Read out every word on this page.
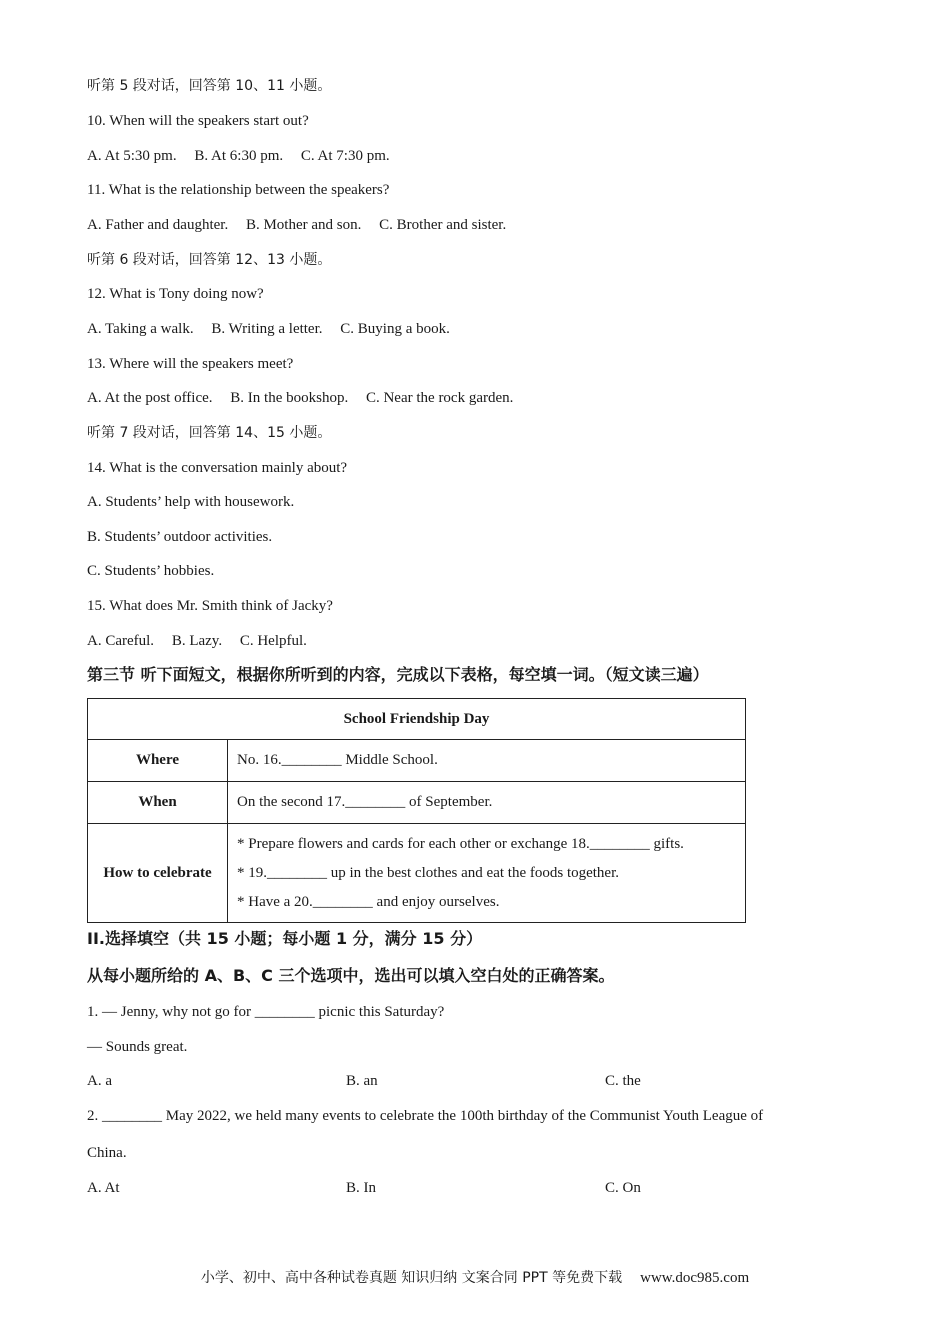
听第 5 段对话，回答第 10、11 小题。
10. When will the speakers start out?
A. At 5:30 pm. B. At 6:30 pm. C. At 7:30 pm.
11. What is the relationship between the speakers?
A. Father and daughter. B. Mother and son. C. Brother and sister.
听第 6 段对话，回答第 12、13 小题。
12. What is Tony doing now?
A. Taking a walk. B. Writing a letter. C. Buying a book.
13. Where will the speakers meet?
A. At the post office. B. In the bookshop. C. Near the rock garden.
听第 7 段对话，回答第 14、15 小题。
14. What is the conversation mainly about?
A. Students’ help with housework.
B. Students’ outdoor activities.
C. Students’ hobbies.
15. What does Mr. Smith think of Jacky?
A. Careful. B. Lazy. C. Helpful.
第三节 听下面短文，根据你所听到的内容，完成以下表格，每空填一词。（短文读三遍）
School Friendship Day	
Where	No. 16.________ Middle School.
When	On the second 17.________ of September.
How to celebrate	* Prepare flowers and cards for each other or exchange 18.________ gifts.
* 19.________ up in the best clothes and eat the foods together.
* Have a 20.________ and enjoy ourselves.
II.选择填空（共 15 小题；每小题 1 分，满分 15 分）
从每小题所给的 A、B、C 三个选项中，选出可以填入空白处的正确答案。
1. — Jenny, why not go for ________ picnic this Saturday?
— Sounds great.
A. a	B. an	C. the
2. ________ May 2022, we held many events to celebrate the 100th birthday of the Communist Youth League of
China.
A. At	B. In	C. On
小学、初中、高中各种试卷真题 知识归纳 文案合同 PPT 等免费下载 www.doc985.com
